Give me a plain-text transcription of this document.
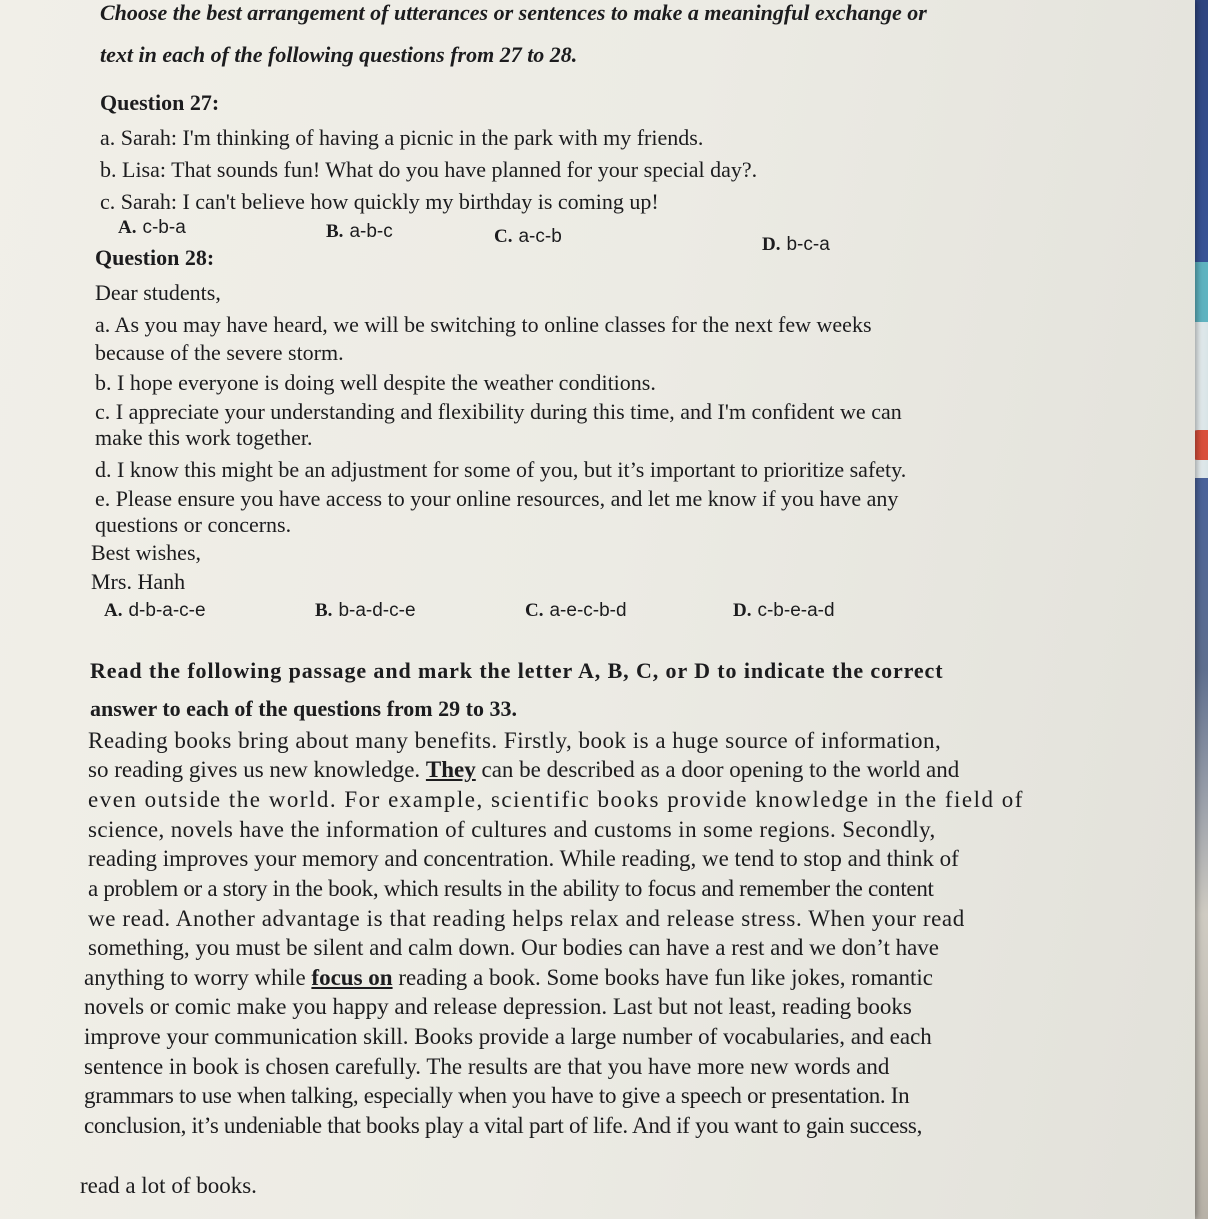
Choose the best arrangement of utterances or sentences to make a meaningful exchange or
text in each of the following questions from 27 to 28.
Question 27:
a. Sarah: I'm thinking of having a picnic in the park with my friends.
b. Lisa: That sounds fun! What do you have planned for your special day?.
c. Sarah: I can't believe how quickly my birthday is coming up!
A. c-b-a	B. a-b-c	C. a-c-b	D. b-c-a
Question 28:
Dear students,
a. As you may have heard, we will be switching to online classes for the next few weeks
because of the severe storm.
b. I hope everyone is doing well despite the weather conditions.
c. I appreciate your understanding and flexibility during this time, and I'm confident we can
make this work together.
d. I know this might be an adjustment for some of you, but it’s important to prioritize safety.
e. Please ensure you have access to your online resources, and let me know if you have any
questions or concerns.
Best wishes,
Mrs. Hanh
A. d-b-a-c-e	B. b-a-d-c-e	C. a-e-c-b-d	D. c-b-e-a-d
Read the following passage and mark the letter A, B, C, or D to indicate the correct
answer to each of the questions from 29 to 33.
Reading books bring about many benefits. Firstly, book is a huge source of information,
so reading gives us new knowledge. They can be described as a door opening to the world and
even outside the world. For example, scientific books provide knowledge in the field of
science, novels have the information of cultures and customs in some regions. Secondly,
reading improves your memory and concentration. While reading, we tend to stop and think of
a problem or a story in the book, which results in the ability to focus and remember the content
we read. Another advantage is that reading helps relax and release stress. When your read
something, you must be silent and calm down. Our bodies can have a rest and we don’t have
anything to worry while focus on reading a book. Some books have fun like jokes, romantic
novels or comic make you happy and release depression. Last but not least, reading books
improve your communication skill. Books provide a large number of vocabularies, and each
sentence in book is chosen carefully. The results are that you have more new words and
grammars to use when talking, especially when you have to give a speech or presentation. In
conclusion, it’s undeniable that books play a vital part of life. And if you want to gain success,
read a lot of books.
